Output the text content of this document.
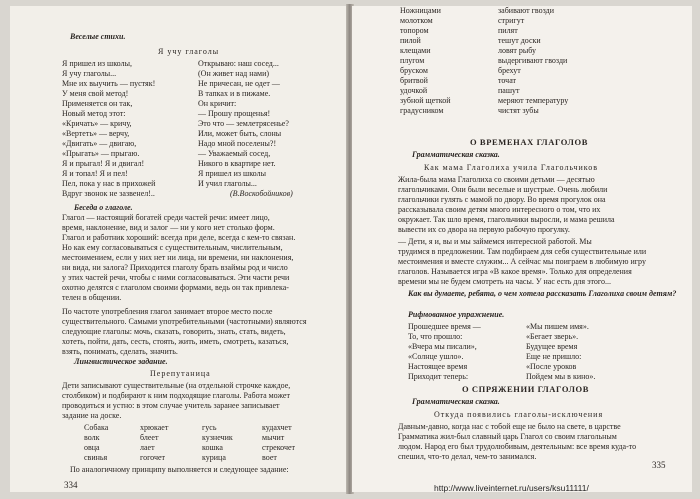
Веселые стихи.
Я учу глаголы
Я пришел из школы,
Я учу глаголы...
Мне их выучить — пустяк!
У меня свой метод!
Применяется он так,
Новый метод этот:
«Кричать» — кричу,
«Вертеть» — верчу,
«Двигать» — двигаю,
«Прыгать» — прыгаю.
Я и прыгал! Я и двигал!
Я и топал! Я и пел!
Пел, пока у нас в прихожей
Вдруг звонок не зазвенел!..
Открываю: наш сосед...
(Он живет над нами)
Не причесан, не одет —
В тапках и в пижаме.
Он кричит:
— Прошу прощенья!
Это что — землетрясенье?
Или, может быть, слоны
Надо мной поселены?!
— Уважаемый сосед,
Никого в квартире нет.
Я пришел из школы
И учил глаголы...
(В.Воскобойников)
Беседа о глаголе.
Глагол — настоящий богатей среди частей речи: имеет лицо,
время, наклонение, вид и залог — ни у кого нет столько форм.
Глагол и работник хороший: всегда при деле, всегда с кем-то связан.
Но как ему согласовываться с существительным, числительным,
местоимением, если у них нет ни лица, ни времени, ни наклонения,
ни вида, ни залога? Приходится глаголу брать взаймы род и число
у этих частей речи, чтобы с ними согласовываться. Эти части речи
охотно делятся с глаголом своими формами, ведь он так привлека-
телен в общении.
По частоте употребления глагол занимает второе место после
существительного. Самыми употребительными (частотными) являются
следующие глаголы: мочь, сказать, говорить, знать, стать, видеть,
хотеть, пойти, дать, сесть, стоять, жить, иметь, смотреть, казаться,
взять, понимать, сделать, значить.
Лингвистическое задание.
Перепутаница
Дети записывают существительные (на отдельной строчке каждое,
столбиком) и подбирают к ним подходящие глаголы. Работа может
проводиться и устно: в этом случае учитель заранее записывает
задание на доске.
Собака	хрюкает	гусь	кудахчет
волк	блеет	кузнечик	мычит
овца	лает	кошка	стрекочет
свинья	гогочет	курица	воет
По аналогичному принципу выполняется и следующее задание:
334
Ножницами	забивают гвозди
молотком	стригут
топором	пилят
пилой	тешут доски
клещами	ловят рыбу
плугом	выдергивают гвозди
бруском	брехут
бритвой	точат
удочкой	пашут
зубной щеткой	меряют температуру
градусником	чистят зубы
О ВРЕМЕНАХ ГЛАГОЛОВ
Грамматическая сказка.
Как мама Глаголиха учила Глагольчиков
Жила-была мама Глаголиха со своими детьми — десятью
глагольчиками. Они были веселые и шустрые. Очень любили
глагольчики гулять с мамой по двору. Во время прогулок она
рассказывала своим детям много интересного о том, что их
окружает. Так шло время, глагольчики выросли, и мама решила
вывести их со двора на первую рабочую прогулку.
— Дети, я и, вы и мы займемся интересной работой. Мы
трудимся в предложении. Там подбираем для себя существительные или
местоимения и вместе служим... А сейчас мы поиграем в любимую игру
глаголов. Называется игра «В какое время». Только для определения
времени мы не будем смотреть на часы. У нас есть для этого...
Как вы думаете, ребята, о чем хотела рассказать Глаголиха своим детям?
Рифмованное упражнение.
Прошедшее время —	«Мы пишем имя».
То, что прошло:	«Бегает зверь».
«Вчера мы писали»,	Будущее время
«Солнце ушло».	Еще не пришло:
Настоящее время	«После уроков
Приходит теперь:	Пойдем мы в кино».
О СПРЯЖЕНИИ ГЛАГОЛОВ
Грамматическая сказка.
Откуда появились глаголы-исключения
Давным-давно, когда нас с тобой еще не было на свете, в царстве
Грамматика жил-был славный царь Глагол со своим глагольным
людом. Народ его был трудолюбивым, деятельным: все время куда-то
спешил, что-то делал, чем-то занимался.
335
http://www.liveinternet.ru/users/ksu11111/
